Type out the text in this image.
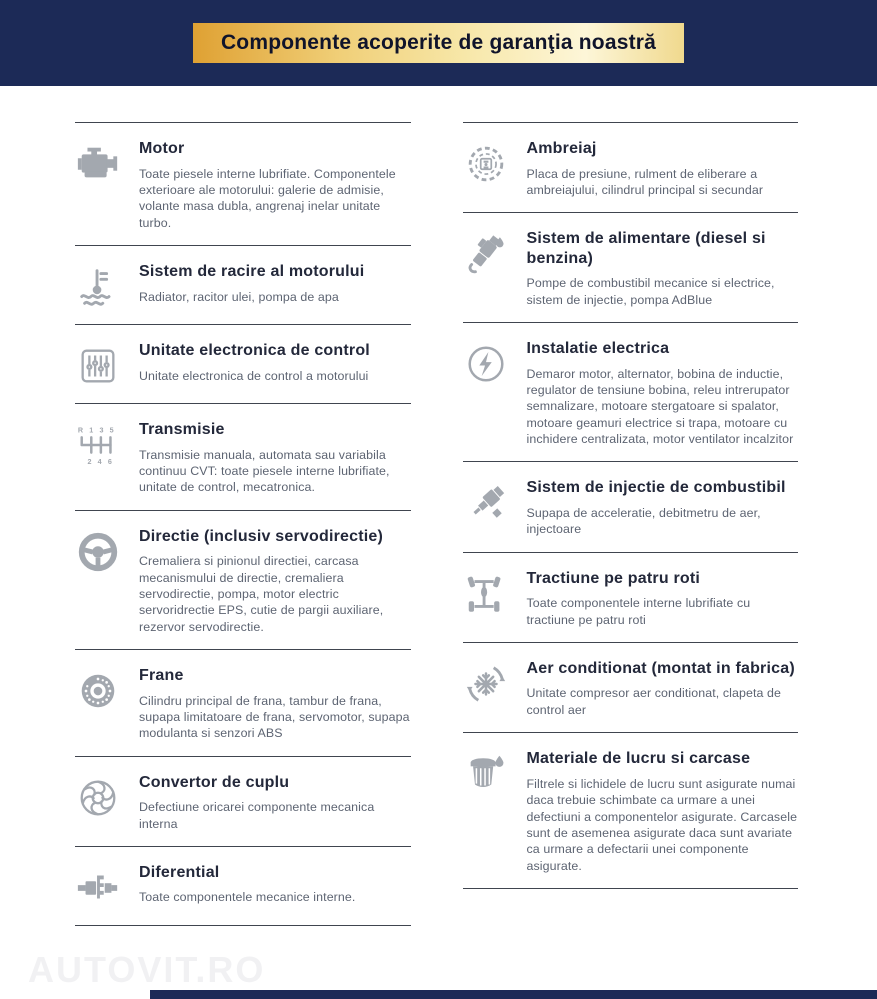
Componente acoperite de garanţia noastră
Motor

Toate piesele interne lubrifiate. Componentele exterioare ale motorului: galerie de admisie, volante masa dubla, angrenaj inelar unitate turbo.

Sistem de racire al motorului

Radiator, racitor ulei, pompa de apa

Unitate electronica de control

Unitate electronica de control a motorului

R 1 3 5
2 4 6
Transmisie

Transmisie manuala, automata sau variabila continuu CVT: toate piesele interne lubrifiate, unitate de control, mecatronica.

Directie (inclusiv servodirectie)

Cremaliera si pinionul directiei, carcasa mecanismului de directie, cremaliera servodirectie, pompa, motor electric servoridrectie EPS, cutie de pargii auxiliare, rezervor servodirectie.

Frane

Cilindru principal de frana, tambur de frana, supapa limitatoare de frana, servomotor, supapa modulanta si senzori ABS

Convertor de cuplu

Defectiune oricarei componente mecanica interna

Diferential

Toate componentele mecanice interne.

Ambreiaj

Placa de presiune, rulment de eliberare a ambreiajului, cilindrul principal si secundar

Sistem de alimentare (diesel si benzina)

Pompe de combustibil mecanice si electrice, sistem de injectie, pompa AdBlue

Instalatie electrica

Demaror motor, alternator, bobina de inductie, regulator de tensiune bobina, releu intrerupator semnalizare, motoare stergatoare si spalator, motoare geamuri electrice si trapa, motoare cu inchidere centralizata, motor ventilator incalzitor

Sistem de injectie de combustibil

Supapa de acceleratie, debitmetru de aer, injectoare

Tractiune pe patru roti

Toate componentele interne lubrifiate cu tractiune pe patru roti

Aer conditionat (montat in fabrica)

Unitate compresor aer conditionat, clapeta de control aer

Materiale de lucru si carcase

Filtrele si lichidele de lucru sunt asigurate numai daca trebuie schimbate ca urmare a unei defectiuni a componentelor asigurate. Carcasele sunt de asemenea asigurate daca sunt avariate ca urmare a defectarii unei componente asigurate.

AUTOVIT.RO
